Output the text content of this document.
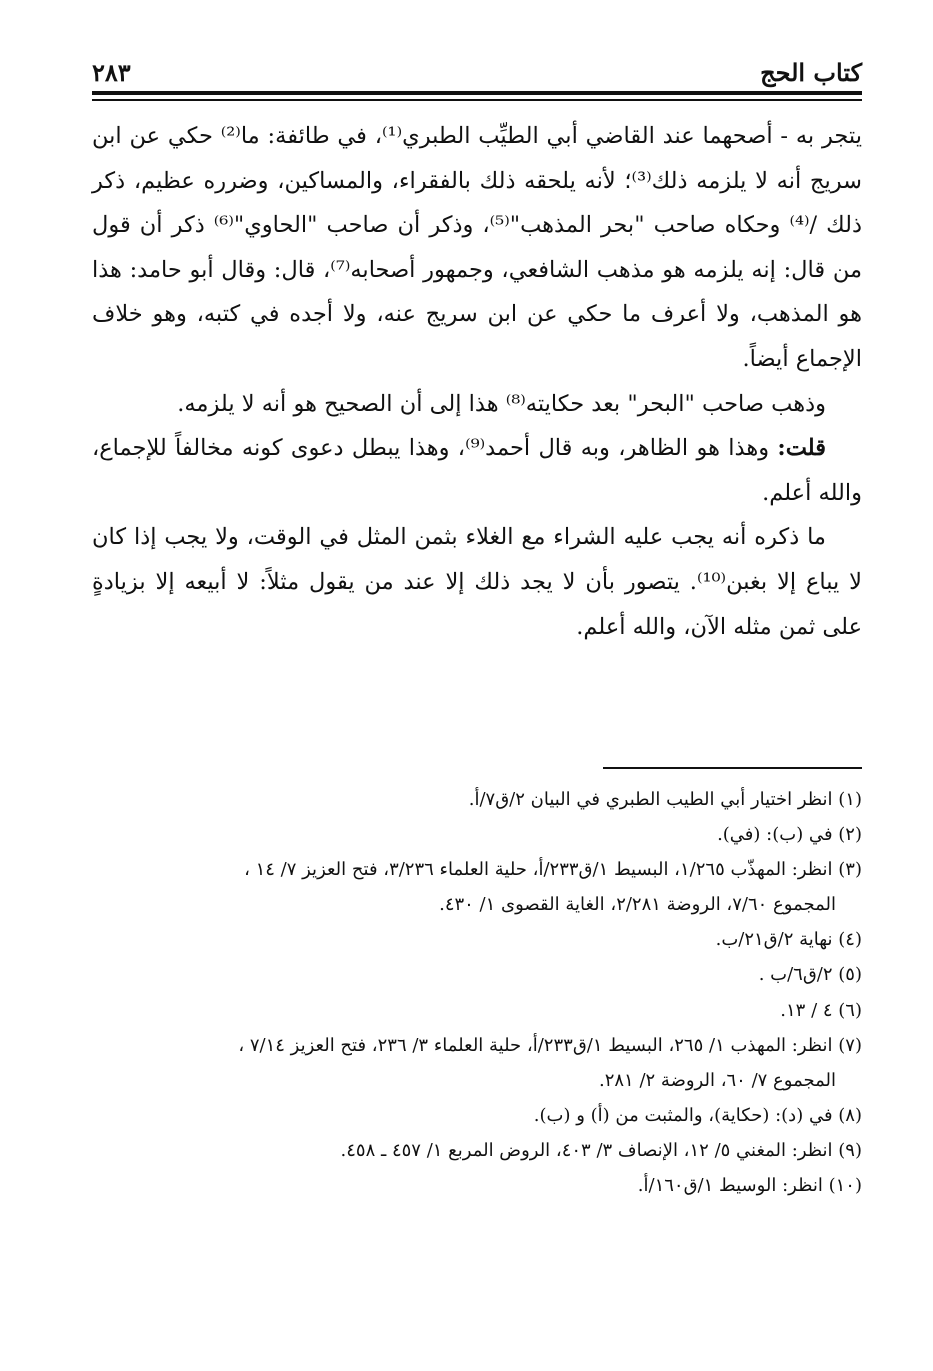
كتاب الحج
٢٨٣

يتجر به - أصحهما عند القاضي أبي الطيِّب الطبري⁽¹⁾، في طائفة: ما⁽²⁾ حكي عن ابن سريج أنه لا يلزمه ذلك⁽³⁾؛ لأنه يلحقه ذلك بالفقراء، والمساكين، وضرره عظيم، ذكر ذلك /⁽⁴⁾ وحكاه صاحب "بحر المذهب"⁽⁵⁾، وذكر أن صاحب "الحاوي"⁽⁶⁾ ذكر أن قول من قال: إنه يلزمه هو مذهب الشافعي، وجمهور أصحابه⁽⁷⁾، قال: وقال أبو حامد: هذا هو المذهب، ولا أعرف ما حكي عن ابن سريج عنه، ولا أجده في كتبه، وهو خلاف الإجماع أيضاً.

وذهب صاحب "البحر" بعد حكايته⁽⁸⁾ هذا إلى أن الصحيح هو أنه لا يلزمه.

قلت: وهذا هو الظاهر، وبه قال أحمد⁽⁹⁾، وهذا يبطل دعوى كونه مخالفاً للإجماع، والله أعلم.

ما ذكره أنه يجب عليه الشراء مع الغلاء بثمن المثل في الوقت، ولا يجب إذا كان لا يباع إلا بغبن⁽¹⁰⁾. يتصور بأن لا يجد ذلك إلا عند من يقول مثلاً: لا أبيعه إلا بزيادةٍ على ثمن مثله الآن، والله أعلم.

(١) انظر اختيار أبي الطيب الطبري في البيان ٢/ق٧/أ.

(٢) في (ب): (في).

(٣) انظر: المهذّب ١/٢٦٥، البسيط ١/ق٢٣٣/أ، حلية العلماء ٣/٢٣٦، فتح العزيز ٧/ ١٤ ،
المجموع ٧/٦٠، الروضة ٢/٢٨١، الغاية القصوى ١/ ٤٣٠.

(٤) نهاية ٢/ق٢١/ب.

(٥) ٢/ق٦/ب .

(٦) ٤ / ١٣.

(٧) انظر: المهذب ١/ ٢٦٥، البسيط ١/ق٢٣٣/أ، حلية العلماء ٣/ ٢٣٦، فتح العزيز ٧/١٤ ،
المجموع ٧/ ٦٠، الروضة ٢/ ٢٨١.

(٨) في (د): (حكاية)، والمثبت من (أ) و (ب).

(٩) انظر: المغني ٥/ ١٢، الإنصاف ٣/ ٤٠٣، الروض المربع ١/ ٤٥٧ ـ ٤٥٨.

(١٠) انظر: الوسيط ١/ق١٦٠/أ.
